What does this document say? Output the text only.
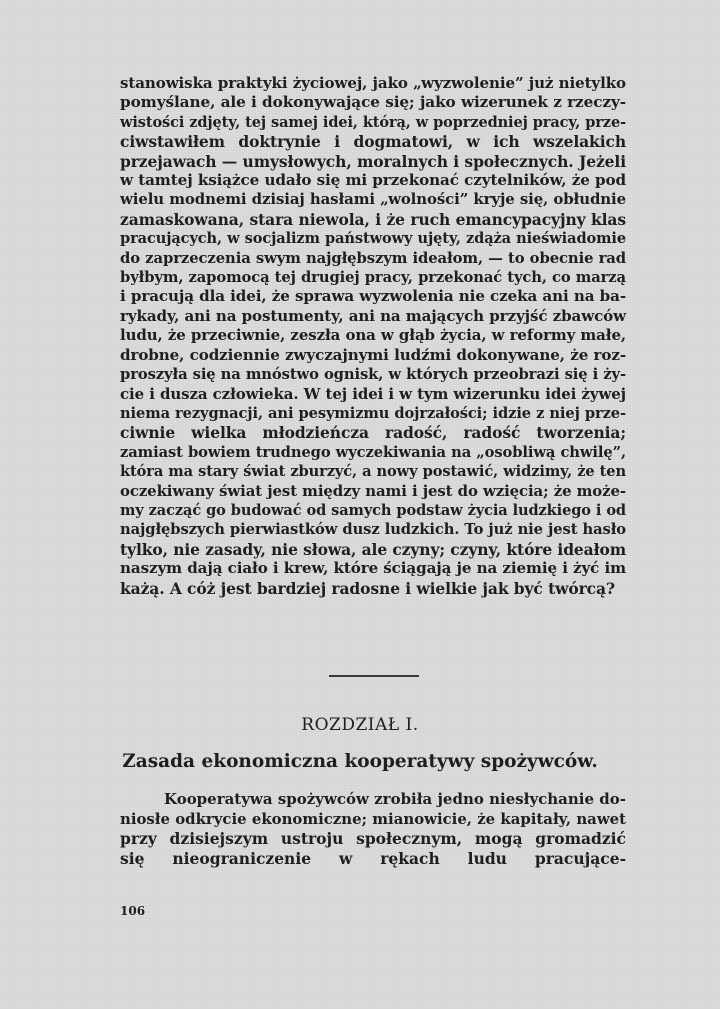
stanowiska praktyki życiowej, jako „wyzwolenie” już nietylko
pomyślane, ale i dokonywające się; jako wizerunek z rzeczy-
wistości zdjęty, tej samej idei, którą, w poprzedniej pracy, prze-
ciwstawiłem doktrynie i dogmatowi, w ich wszelakich
przejawach — umysłowych, moralnych i społecznych. Jeżeli
w tamtej książce udało się mi przekonać czytelników, że pod
wielu modnemi dzisiaj hasłami „wolności” kryje się, obłudnie
zamaskowana, stara niewola, i że ruch emancypacyjny klas
pracujących, w socjalizm państwowy ujęty, zdąża nieświadomie
do zaprzeczenia swym najgłębszym ideałom, — to obecnie rad
byłbym, zapomocą tej drugiej pracy, przekonać tych, co marzą
i pracują dla idei, że sprawa wyzwolenia nie czeka ani na ba-
rykady, ani na postumenty, ani na mających przyjść zbawców
ludu, że przeciwnie, zeszła ona w głąb życia, w reformy małe,
drobne, codziennie zwyczajnymi ludźmi dokonywane, że roz-
proszyła się na mnóstwo ognisk, w których przeobrazi się i ży-
cie i dusza człowieka. W tej idei i w tym wizerunku idei żywej
niema rezygnacji, ani pesymizmu dojrzałości; idzie z niej prze-
ciwnie wielka młodzieńcza radość, radość tworzenia;
zamiast bowiem trudnego wyczekiwania na „osobliwą chwilę”,
która ma stary świat zburzyć, a nowy postawić, widzimy, że ten
oczekiwany świat jest między nami i jest do wzięcia; że może-
my zacząć go budować od samych podstaw życia ludzkiego i od
najgłębszych pierwiastków dusz ludzkich. To już nie jest hasło
tylko, nie zasady, nie słowa, ale czyny; czyny, które ideałom
naszym dają ciało i krew, które ściągają je na ziemię i żyć im
każą. A cóż jest bardziej radosne i wielkie jak być twórcą?
ROZDZIAŁ I.
Zasada ekonomiczna kooperatywy spożywców.
Kooperatywa spożywców zrobiła jedno niesłychanie do-
niosłe odkrycie ekonomiczne; mianowicie, że kapitały, nawet
przy dzisiejszym ustroju społecznym, mogą gromadzić
się nieograniczenie w rękach ludu pracujące-
106
